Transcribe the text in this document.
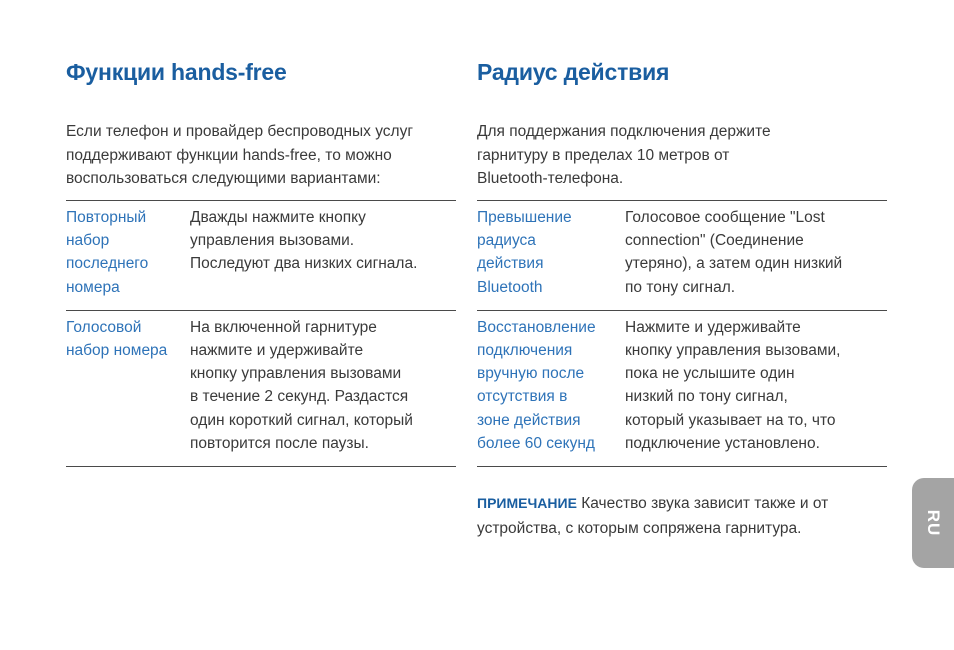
Функции hands-free

Если телефон и провайдер беспроводных услуг
поддерживают функции hands-free, то можно
воспользоваться следующими вариантами:

Повторный
набор
последнего
номера
Дважды нажмите кнопку
управления вызовами.
Последуют два низких сигнала.
Голосовой
набор номера
На включенной гарнитуре
нажмите и удерживайте
кнопку управления вызовами
в течение 2 секунд. Раздастся
один короткий сигнал, который
повторится после паузы.
Радиус действия

Для поддержания подключения держите
гарнитуру в пределах 10 метров от
Bluetooth-телефона.

Превышение
радиуса
действия
Bluetooth
Голосовое сообщение "Lost
connection" (Соединение
утеряно), а затем один низкий
по тону сигнал.
Восстановление
подключения
вручную после
отсутствия в
зоне действия
более 60 секунд
Нажмите и удерживайте
кнопку управления вызовами,
пока не услышите один
низкий по тону сигнал,
который указывает на то, что
подключение установлено.
ПРИМЕЧАНИЕ Качество звука зависит также и от
устройства, с которым сопряжена гарнитура.	RU
